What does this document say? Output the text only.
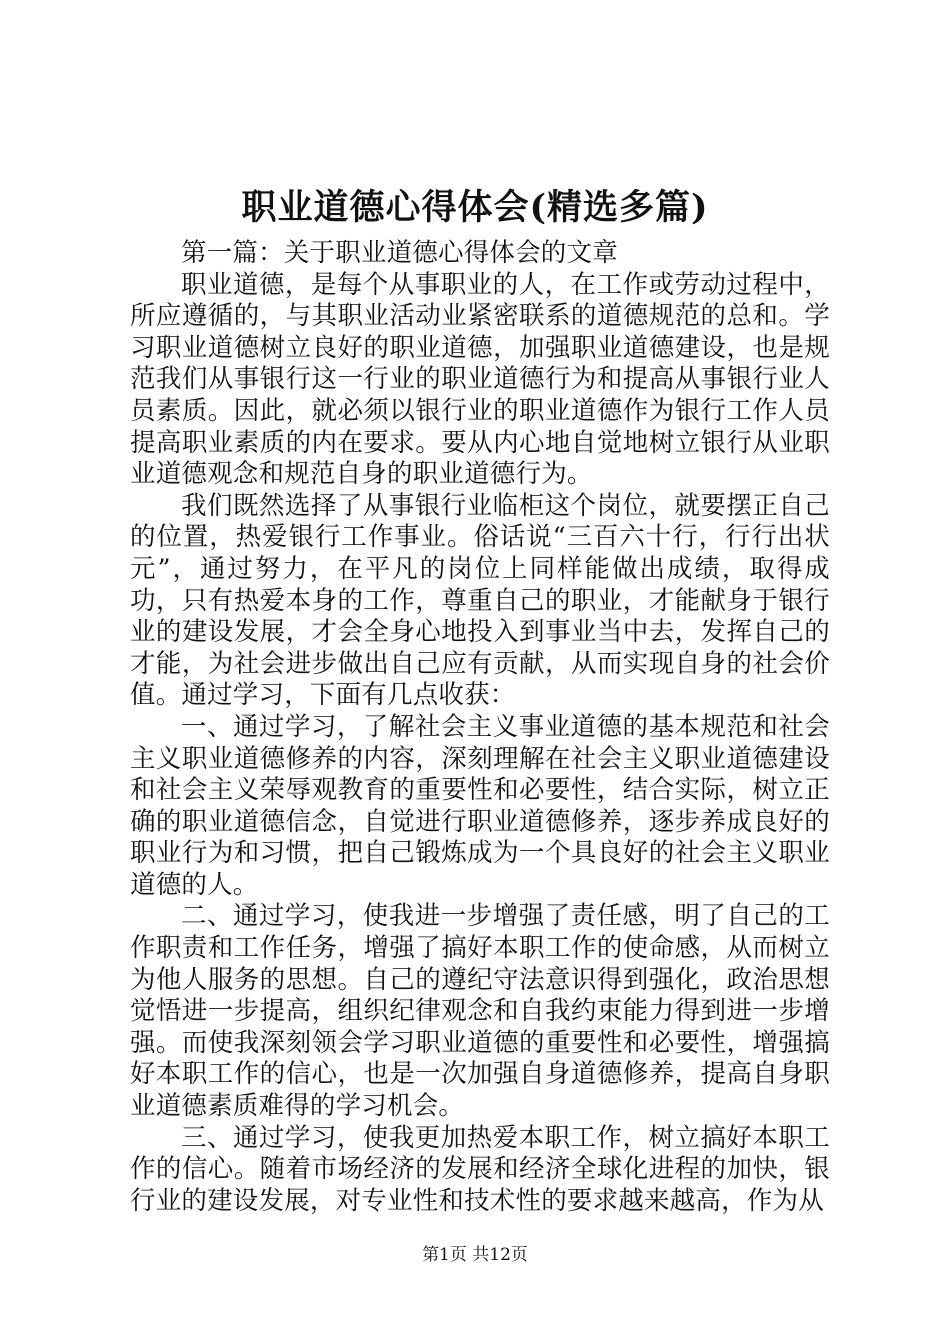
职业道德心得体会(精选多篇)

第一篇：关于职业道德心得体会的文章

职业道德，是每个从事职业的人，在工作或劳动过程中，所应遵循的，与其职业活动业紧密联系的道德规范的总和。学习职业道德树立良好的职业道德，加强职业道德建设，也是规范我们从事银行这一行业的职业道德行为和提高从事银行业人员素质。因此，就必须以银行业的职业道德作为银行工作人员提高职业素质的内在要求。要从内心地自觉地树立银行从业职业道德观念和规范自身的职业道德行为。

我们既然选择了从事银行业临柜这个岗位，就要摆正自己的位置，热爱银行工作事业。俗话说“三百六十行，行行出状元”，通过努力，在平凡的岗位上同样能做出成绩，取得成功，只有热爱本身的工作，尊重自己的职业，才能献身于银行业的建设发展，才会全身心地投入到事业当中去，发挥自己的才能，为社会进步做出自己应有贡献，从而实现自身的社会价值。通过学习，下面有几点收获：

一、通过学习，了解社会主义事业道德的基本规范和社会主义职业道德修养的内容，深刻理解在社会主义职业道德建设和社会主义荣辱观教育的重要性和必要性，结合实际，树立正确的职业道德信念，自觉进行职业道德修养，逐步养成良好的职业行为和习惯，把自己锻炼成为一个具良好的社会主义职业道德的人。

二、通过学习，使我进一步增强了责任感，明了自己的工作职责和工作任务，增强了搞好本职工作的使命感，从而树立为他人服务的思想。自己的遵纪守法意识得到强化，政治思想觉悟进一步提高，组织纪律观念和自我约束能力得到进一步增强。而使我深刻领会学习职业道德的重要性和必要性，增强搞好本职工作的信心，也是一次加强自身道德修养，提高自身职业道德素质难得的学习机会。

三、通过学习，使我更加热爱本职工作，树立搞好本职工作的信心。随着市场经济的发展和经济全球化进程的加快，银行业的建设发展，对专业性和技术性的要求越来越高，作为从

第1页 共12页
